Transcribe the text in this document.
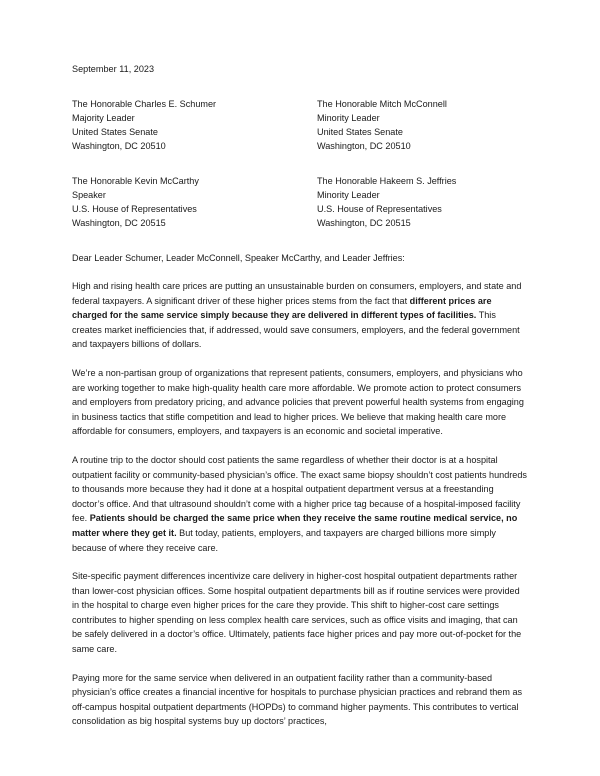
September 11, 2023
The Honorable Charles E. Schumer
Majority Leader
United States Senate
Washington, DC 20510
The Honorable Mitch McConnell
Minority Leader
United States Senate
Washington, DC 20510
The Honorable Kevin McCarthy
Speaker
U.S. House of Representatives
Washington, DC 20515
The Honorable Hakeem S. Jeffries
Minority Leader
U.S. House of Representatives
Washington, DC 20515
Dear Leader Schumer, Leader McConnell, Speaker McCarthy, and Leader Jeffries:

High and rising health care prices are putting an unsustainable burden on consumers, employers, and state and federal taxpayers. A significant driver of these higher prices stems from the fact that different prices are charged for the same service simply because they are delivered in different types of facilities. This creates market inefficiencies that, if addressed, would save consumers, employers, and the federal government and taxpayers billions of dollars.

We’re a non-partisan group of organizations that represent patients, consumers, employers, and physicians who are working together to make high-quality health care more affordable. We promote action to protect consumers and employers from predatory pricing, and advance policies that prevent powerful health systems from engaging in business tactics that stifle competition and lead to higher prices. We believe that making health care more affordable for consumers, employers, and taxpayers is an economic and societal imperative.

A routine trip to the doctor should cost patients the same regardless of whether their doctor is at a hospital outpatient facility or community-based physician’s office. The exact same biopsy shouldn’t cost patients hundreds to thousands more because they had it done at a hospital outpatient department versus at a freestanding doctor’s office. And that ultrasound shouldn’t come with a higher price tag because of a hospital-imposed facility fee. Patients should be charged the same price when they receive the same routine medical service, no matter where they get it. But today, patients, employers, and taxpayers are charged billions more simply because of where they receive care.

Site-specific payment differences incentivize care delivery in higher-cost hospital outpatient departments rather than lower-cost physician offices. Some hospital outpatient departments bill as if routine services were provided in the hospital to charge even higher prices for the care they provide. This shift to higher-cost care settings contributes to higher spending on less complex health care services, such as office visits and imaging, that can be safely delivered in a doctor’s office. Ultimately, patients face higher prices and pay more out-of-pocket for the same care.

Paying more for the same service when delivered in an outpatient facility rather than a community-based physician’s office creates a financial incentive for hospitals to purchase physician practices and rebrand them as off-campus hospital outpatient departments (HOPDs) to command higher payments. This contributes to vertical consolidation as big hospital systems buy up doctors’ practices,
